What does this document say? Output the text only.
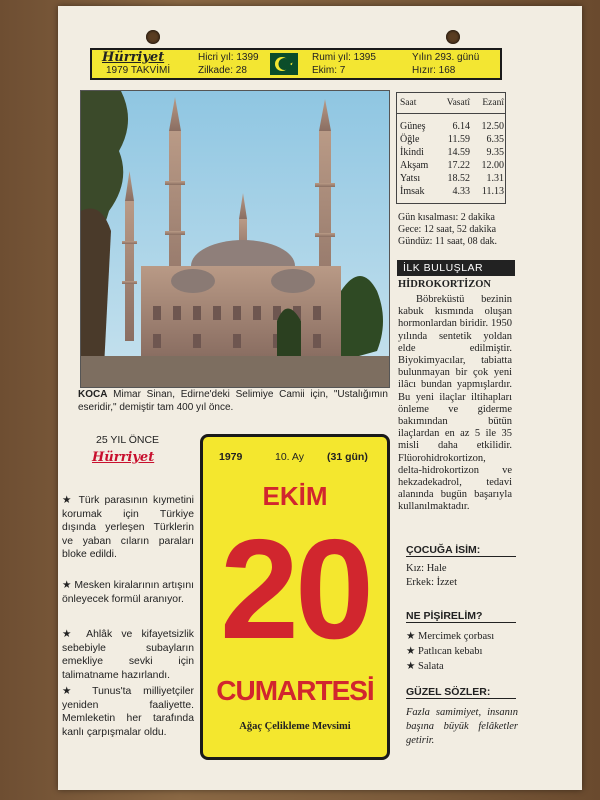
Hürriyet
1979 TAKVİMİ
Hicri yıl: 1399
Zilkade: 28
Rumi yıl: 1395
Ekim: 7
Yılın 293. günü
Hızır: 168
KOCA Mimar Sinan, Edirne'deki Selimiye Camii için, "Ustalığımın eseridir," demiştir tam 400 yıl önce.
Saat	Vasatî	Ezanî
Güneş	6.14	12.50
Öğle	11.59	6.35
İkindi	14.59	9.35
Akşam	17.22	12.00
Yatsı	18.52	1.31
İmsak	4.33	11.13
Gün kısalması: 2 dakika
Gece: 12 saat, 52 dakika
Gündüz: 11 saat, 08 dak.
İLK BULUŞLAR
HİDROKORTİZON
Böbreküstü bezinin kabuk kısmında oluşan hormonlardan biridir. 1950 yılında sentetik yoldan elde edilmiştir. Biyokimyacılar, tabiatta bulunmayan bir çok yeni ilâcı bundan yapmışlardır. Bu yeni ilaçlar iltihapları önleme ve giderme bakımından bütün ilaçlardan en az 5 ile 35 misli daha etkilidir. Flüorohidrokortizon, delta-hidrokortizon ve hekzadekadrol, tedavi alanında bugün başarıyla kullanılmaktadır.
ÇOCUĞA İSİM:
Kız: Hale
Erkek: İzzet
NE PİŞİRELİM?
★ Mercimek çorbası
★ Patlıcan kebabı
★ Salata
GÜZEL SÖZLER:
Fazla samimiyet, insanın başına büyük felâketler getirir.
25 YIL ÖNCE
Hürriyet
★ Türk parasının kıymetini korumak için Türkiye dışında yerleşen Türklerin ve yaban cıların paraları bloke edildi.
★ Mesken kiralarının artışını önleyecek formül aranıyor.
★ Ahlâk ve kifayetsizlik sebebiyle subayların emekliye sevki için talimatname hazırlandı.
★ Tunus'ta milliyetçiler yeniden faaliyette. Memleketin her tarafında kanlı çarpışmalar oldu.
1979	10. Ay (31 gün)
EKİM
20
CUMARTESİ
Ağaç Çelikleme Mevsimi
